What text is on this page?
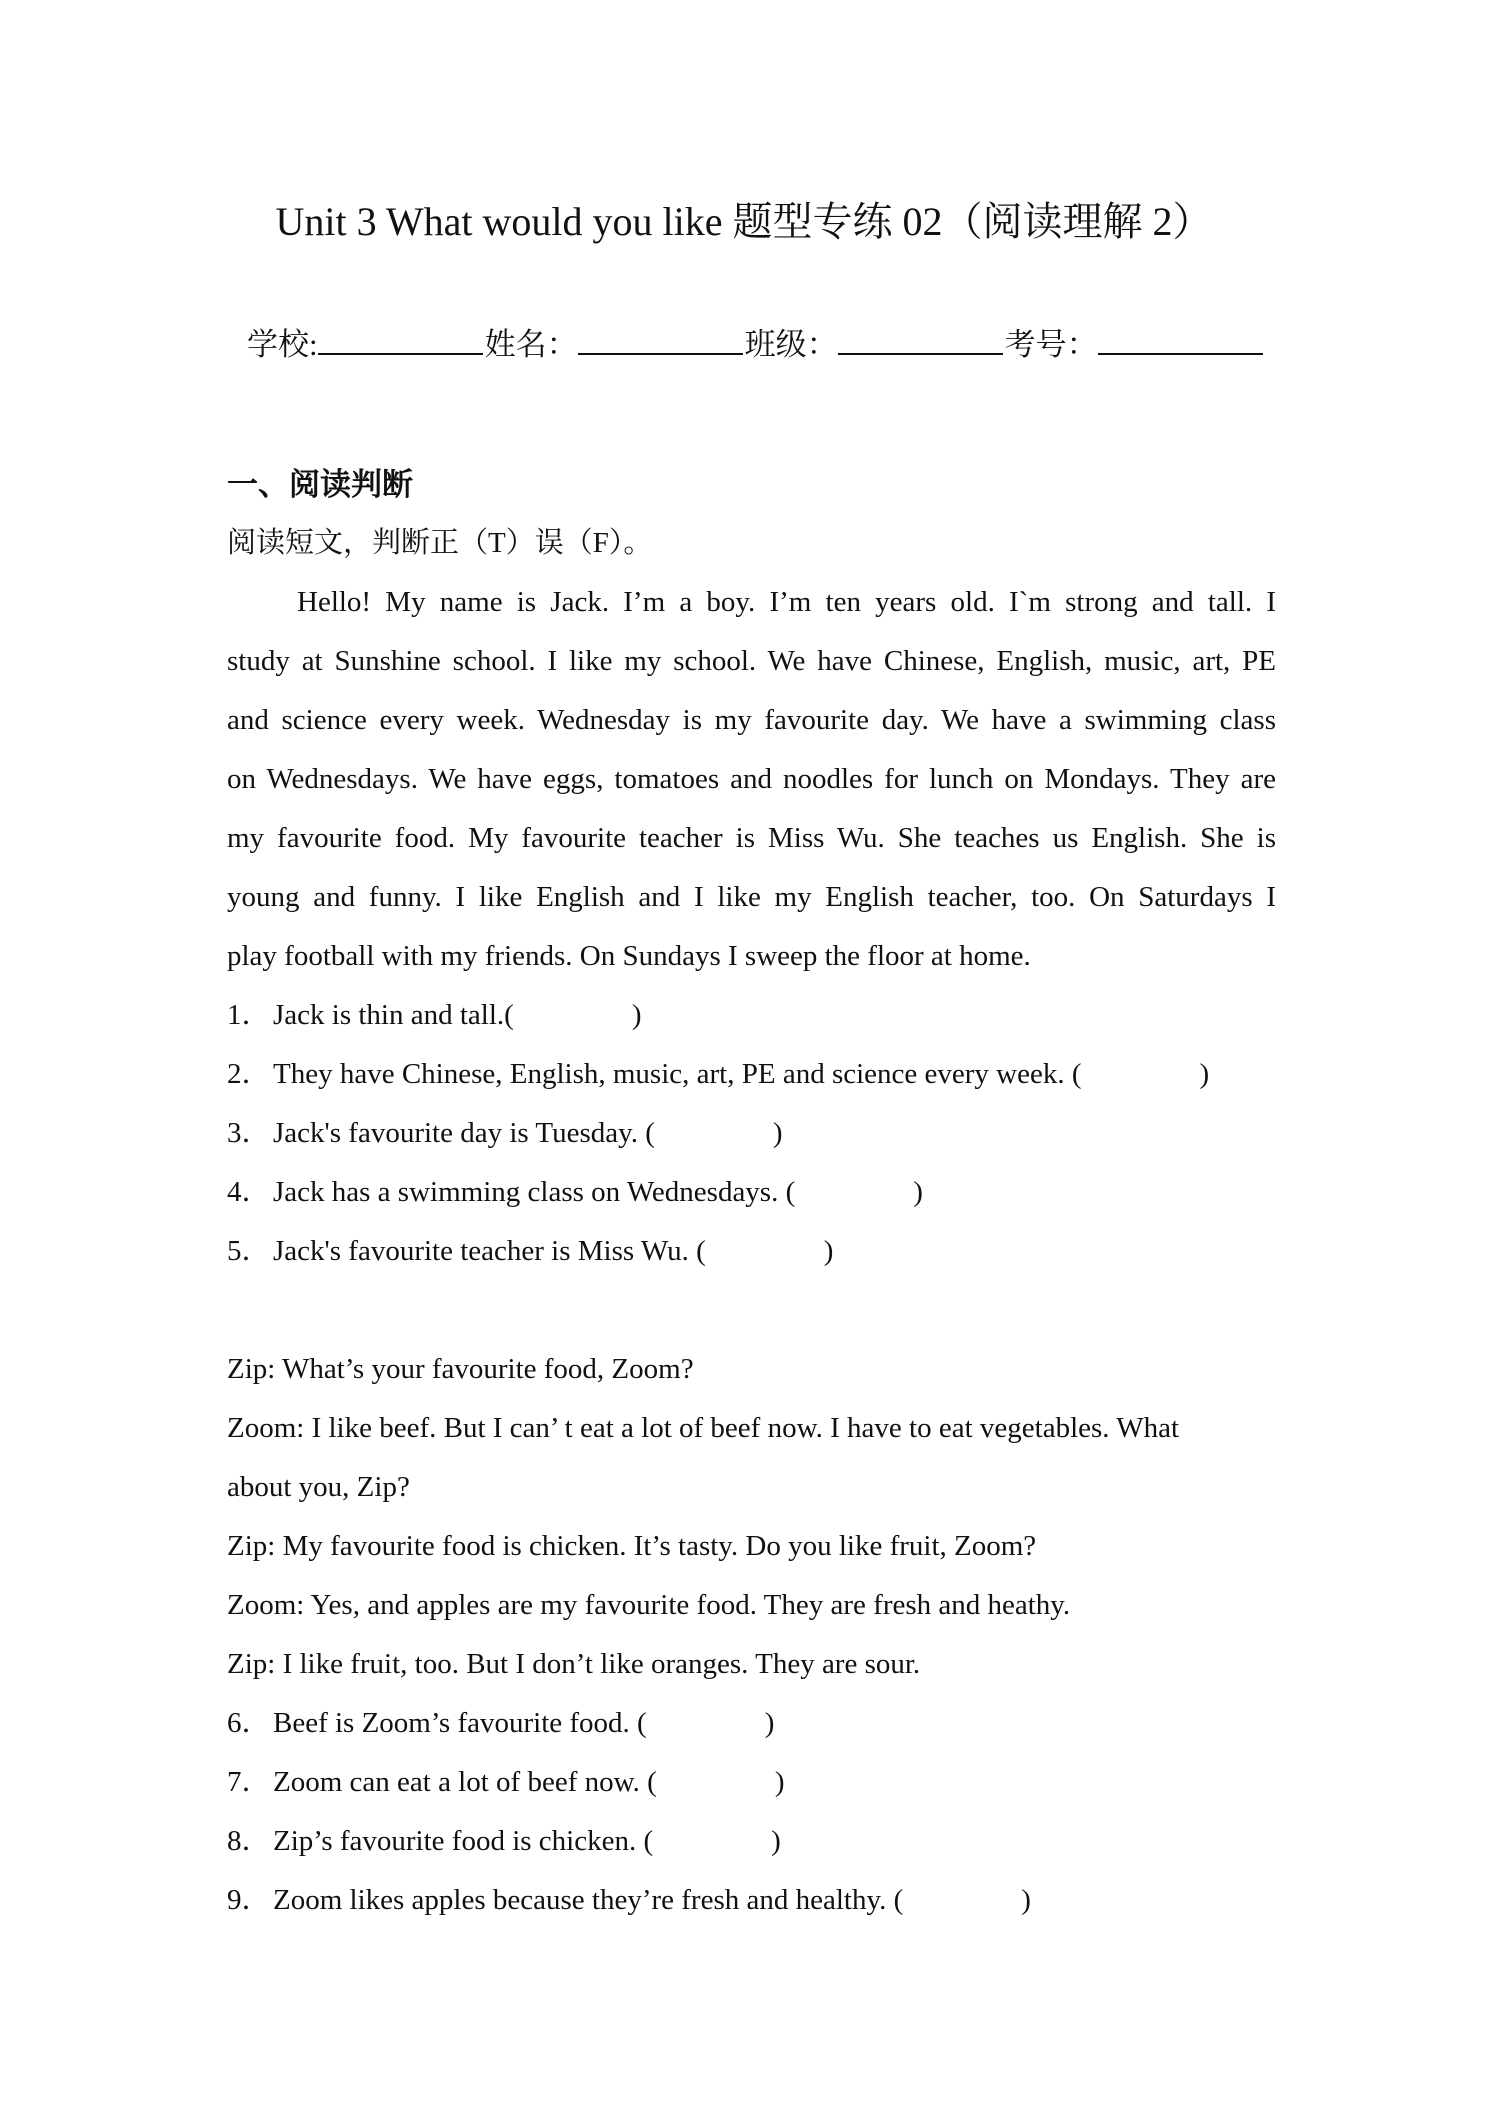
Unit 3 What would you like 题型专练 02（阅读理解 2）
学校:	姓名：	班级：	考号：
一、阅读判断
阅读短文，判断正（T）误（F）。
Hello! My name is Jack. I’m a boy. I’m ten years old. I`m strong and tall. I
study at Sunshine school. I like my school. We have Chinese, English, music, art, PE
and science every week. Wednesday is my favourite day. We have a swimming class
on Wednesdays. We have eggs, tomatoes and noodles for lunch on Mondays. They are
my favourite food. My favourite teacher is Miss Wu. She teaches us English. She is
young and funny. I like English and I like my English teacher, too. On Saturdays I
play football with my friends. On Sundays I sweep the floor at home.
1．Jack is thin and tall.(	)
2．They have Chinese, English, music, art, PE and science every week. (	)
3．Jack's favourite day is Tuesday. (	)
4．Jack has a swimming class on Wednesdays. (	)
5．Jack's favourite teacher is Miss Wu. (	)
Zip: What’s your favourite food, Zoom?
Zoom: I like beef. But I can’ t eat a lot of beef now. I have to eat vegetables. What
about you, Zip?
Zip: My favourite food is chicken. It’s tasty. Do you like fruit, Zoom?
Zoom: Yes, and apples are my favourite food. They are fresh and heathy.
Zip: I like fruit, too. But I don’t like oranges. They are sour.
6．Beef is Zoom’s favourite food. (	)
7．Zoom can eat a lot of beef now. (	)
8．Zip’s favourite food is chicken. (	)
9．Zoom likes apples because they’re fresh and healthy. (	)
